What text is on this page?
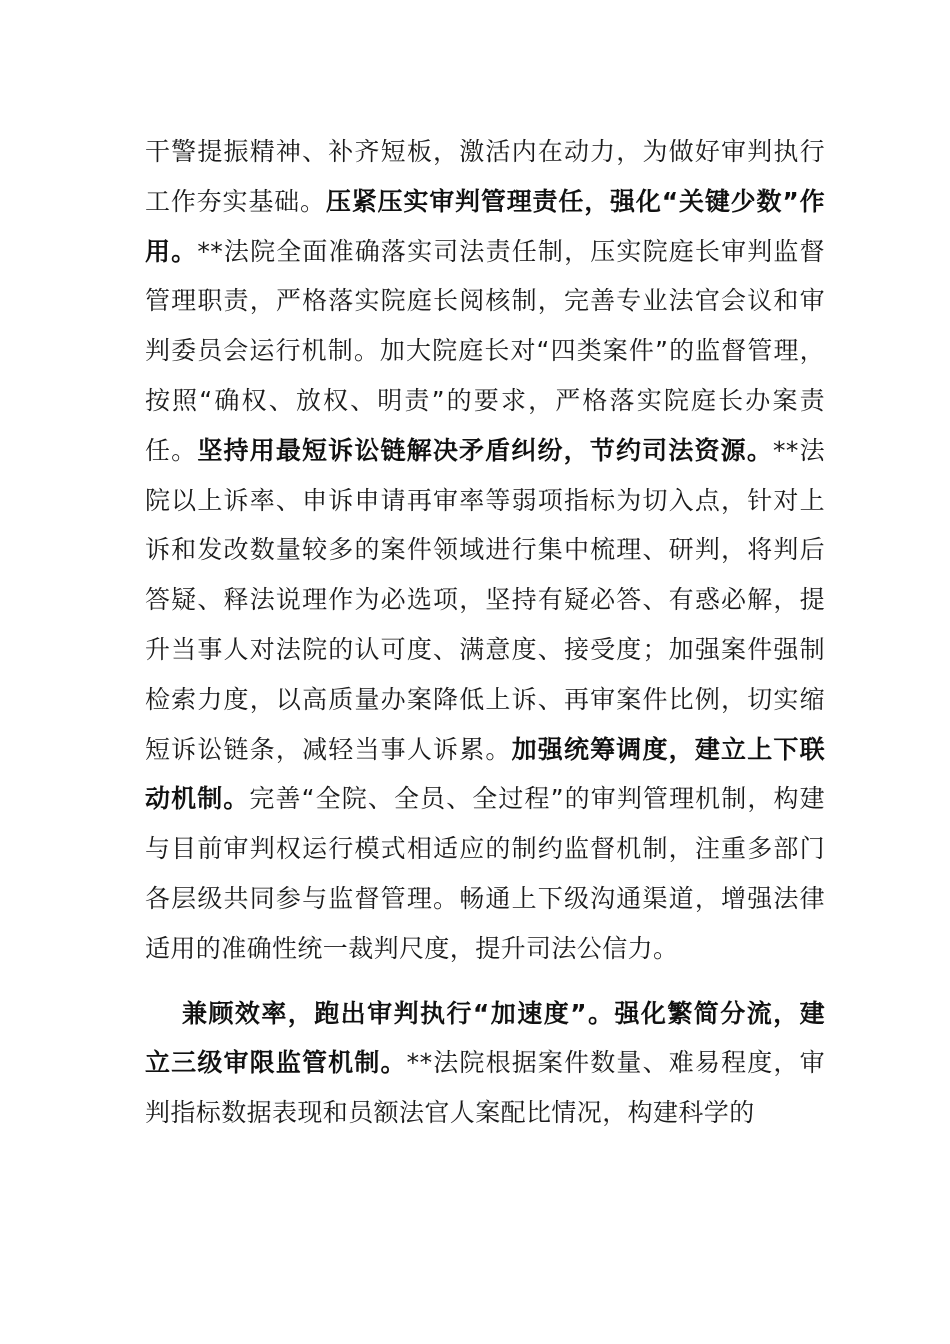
干警提振精神、补齐短板，激活内在动力，为做好审判执行工作夯实基础。压紧压实审判管理责任，强化“关键少数”作用。**法院全面准确落实司法责任制，压实院庭长审判监督管理职责，严格落实院庭长阅核制，完善专业法官会议和审判委员会运行机制。加大院庭长对“四类案件”的监督管理，按照“确权、放权、明责”的要求，严格落实院庭长办案责任。坚持用最短诉讼链解决矛盾纠纷，节约司法资源。**法院以上诉率、申诉申请再审率等弱项指标为切入点，针对上诉和发改数量较多的案件领域进行集中梳理、研判，将判后答疑、释法说理作为必选项，坚持有疑必答、有惑必解，提升当事人对法院的认可度、满意度、接受度；加强案件强制检索力度，以高质量办案降低上诉、再审案件比例，切实缩短诉讼链条，减轻当事人诉累。加强统筹调度，建立上下联动机制。完善“全院、全员、全过程”的审判管理机制，构建与目前审判权运行模式相适应的制约监督机制，注重多部门各层级共同参与监督管理。畅通上下级沟通渠道，增强法律适用的准确性统一裁判尺度，提升司法公信力。

兼顾效率，跑出审判执行“加速度”。强化繁简分流，建立三级审限监管机制。**法院根据案件数量、难易程度，审判指标数据表现和员额法官人案配比情况，构建科学的
